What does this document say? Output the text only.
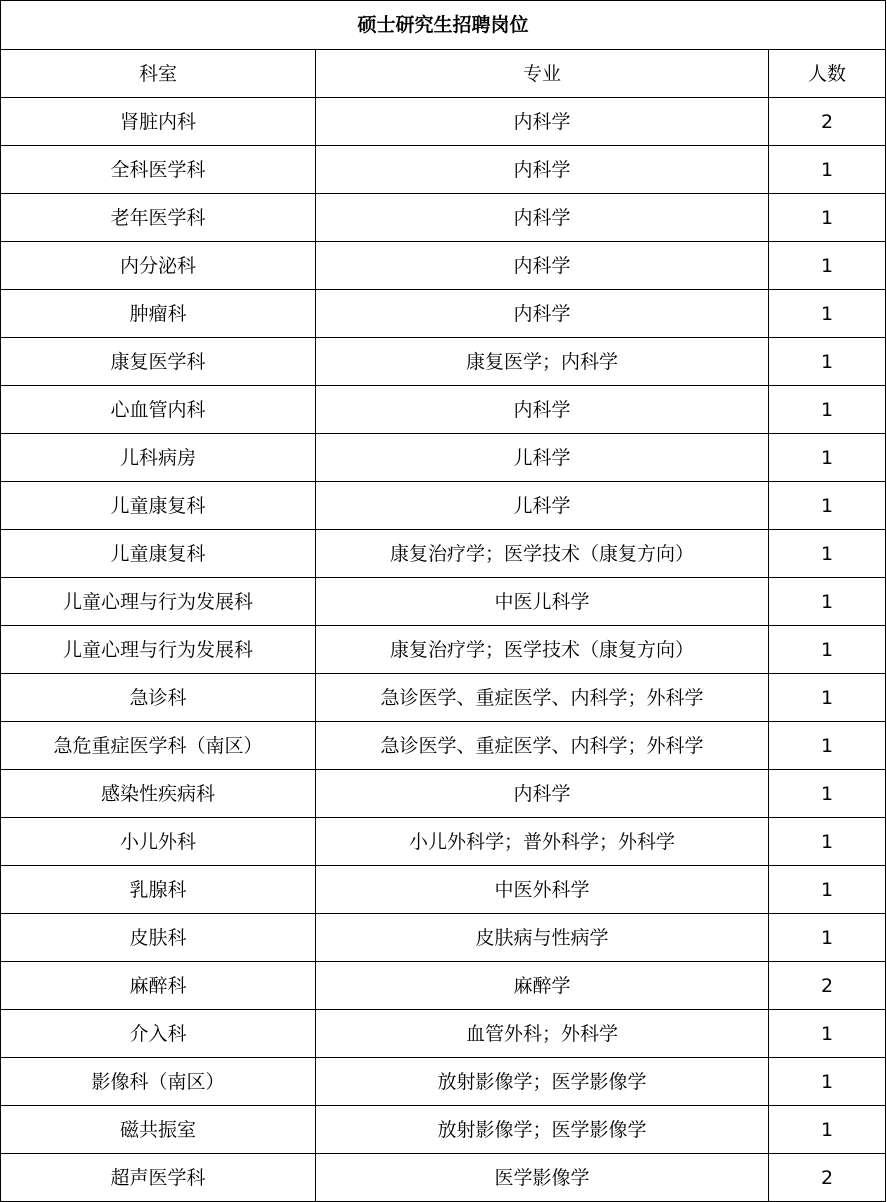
硕士研究生招聘岗位		
科室	专业	人数
肾脏内科	内科学	2
全科医学科	内科学	1
老年医学科	内科学	1
内分泌科	内科学	1
肿瘤科	内科学	1
康复医学科	康复医学；内科学	1
心血管内科	内科学	1
儿科病房	儿科学	1
儿童康复科	儿科学	1
儿童康复科	康复治疗学；医学技术（康复方向）	1
儿童心理与行为发展科	中医儿科学	1
儿童心理与行为发展科	康复治疗学；医学技术（康复方向）	1
急诊科	急诊医学、重症医学、内科学；外科学	1
急危重症医学科（南区）	急诊医学、重症医学、内科学；外科学	1
感染性疾病科	内科学	1
小儿外科	小儿外科学；普外科学；外科学	1
乳腺科	中医外科学	1
皮肤科	皮肤病与性病学	1
麻醉科	麻醉学	2
介入科	血管外科；外科学	1
影像科（南区）	放射影像学；医学影像学	1
磁共振室	放射影像学；医学影像学	1
超声医学科	医学影像学	2
